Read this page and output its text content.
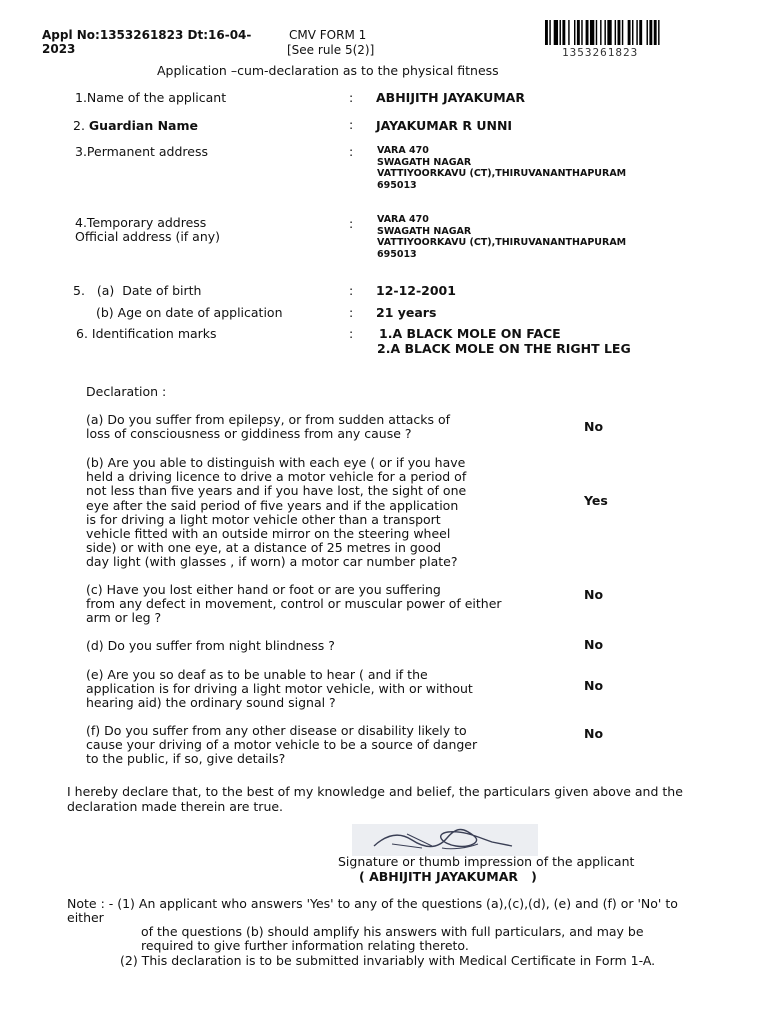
Appl No:1353261823 Dt:16-04-2023
CMV FORM 1
[See rule 5(2)]	1353261823
Application –cum-declaration as to the physical fitness
1.Name of the applicant	: ABHIJITH JAYAKUMAR
2. Guardian Name	: JAYAKUMAR R UNNI
3.Permanent address	:	VARA 470
SWAGATH NAGAR
VATTIYOORKAVU (CT),THIRUVANANTHAPURAM
695013
4.Temporary address
Official address (if any)
:	VARA 470
SWAGATH NAGAR
VATTIYOORKAVU (CT),THIRUVANANTHAPURAM
695013
5.   (a)  Date of birth	: 12-12-2001
(b) Age on date of application	: 21 years
6. Identification marks	: 1.A BLACK MOLE ON FACE
2.A BLACK MOLE ON THE RIGHT LEG
Declaration :
(a) Do you suffer from epilepsy, or from sudden attacks of
loss of consciousness or giddiness from any cause ?	No
(b) Are you able to distinguish with each eye ( or if you have
held a driving licence to drive a motor vehicle for a period of
not less than five years and if you have lost, the sight of one
eye after the said period of five years and if the application
is for driving a light motor vehicle other than a transport
vehicle fitted with an outside mirror on the steering wheel
side) or with one eye, at a distance of 25 metres in good
day light (with glasses , if worn) a motor car number plate?
Yes
(c) Have you lost either hand or foot or are you suffering
from any defect in movement, control or muscular power of either
arm or leg ?
No
(d) Do you suffer from night blindness ?	No
(e) Are you so deaf as to be unable to hear ( and if the
application is for driving a light motor vehicle, with or without
hearing aid) the ordinary sound signal ?
No
(f) Do you suffer from any other disease or disability likely to
cause your driving of a motor vehicle to be a source of danger
to the public, if so, give details?
No
I hereby declare that, to the best of my knowledge and belief, the particulars given above and the declaration made therein are true.
Signature or thumb impression of the applicant
( ABHIJITH JAYAKUMAR   )
Note : - (1) An applicant who answers 'Yes' to any of the questions (a),(c),(d), (e) and (f) or 'No' to
either
of the questions (b) should amplify his answers with full particulars, and may be
required to give further information relating thereto.
(2) This declaration is to be submitted invariably with Medical Certificate in Form 1-A.
